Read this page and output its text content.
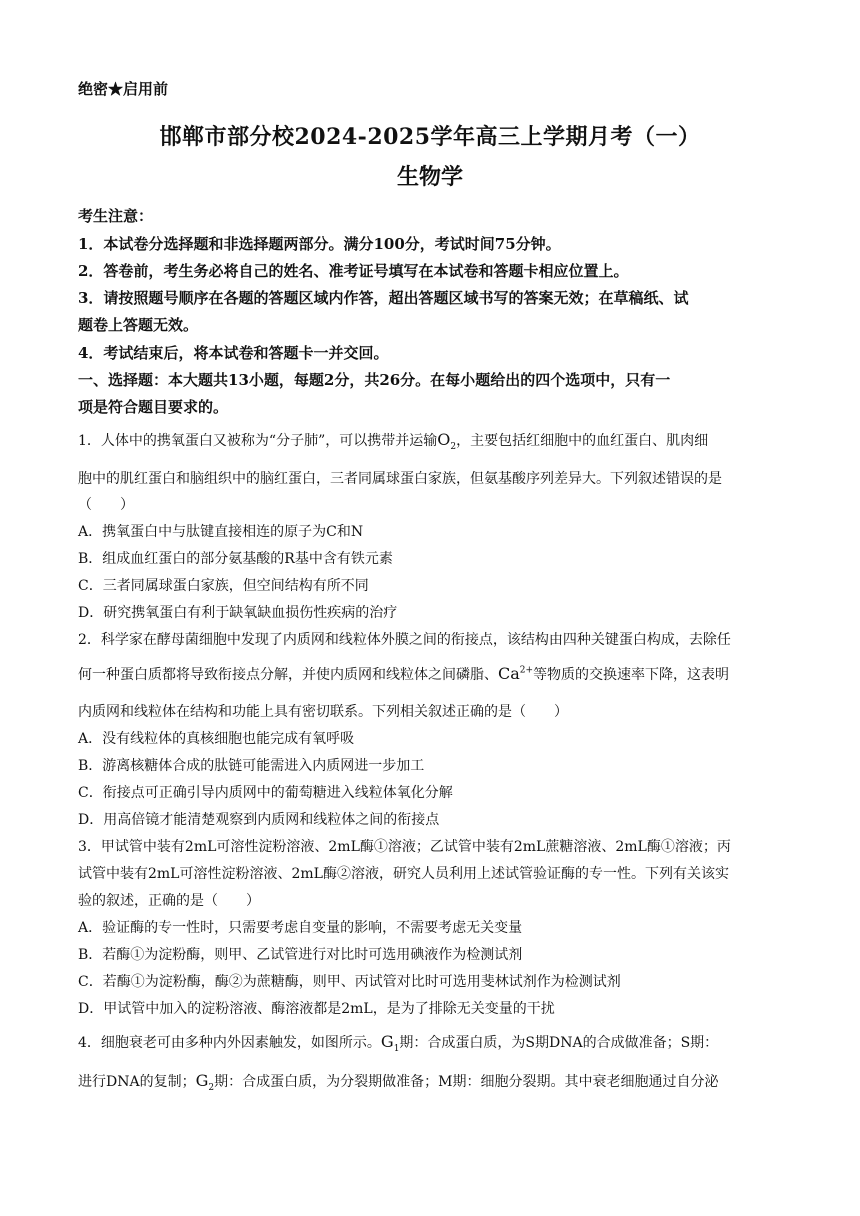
绝密★启用前
邯郸市部分校2024-2025学年高三上学期月考（一）
生物学
考生注意：
1．本试卷分选择题和非选择题两部分。满分100分，考试时间75分钟。
2．答卷前，考生务必将自己的姓名、准考证号填写在本试卷和答题卡相应位置上。
3．请按照题号顺序在各题的答题区域内作答，超出答题区域书写的答案无效；在草稿纸、试
题卷上答题无效。
4．考试结束后，将本试卷和答题卡一并交回。
一、选择题：本大题共13小题，每题2分，共26分。在每小题给出的四个选项中，只有一
项是符合题目要求的。
1．人体中的携氧蛋白又被称为“分子肺”，可以携带并运输$O_2$，主要包括红细胞中的血红蛋白、肌肉细
胞中的肌红蛋白和脑组织中的脑红蛋白，三者同属球蛋白家族，但氨基酸序列差异大。下列叙述错误的是
（　　）
A．携氧蛋白中与肽键直接相连的原子为C和N
B．组成血红蛋白的部分氨基酸的R基中含有铁元素
C．三者同属球蛋白家族，但空间结构有所不同
D．研究携氧蛋白有利于缺氧缺血损伤性疾病的治疗
2．科学家在酵母菌细胞中发现了内质网和线粒体外膜之间的衔接点，该结构由四种关键蛋白构成，去除任
何一种蛋白质都将导致衔接点分解，并使内质网和线粒体之间磷脂、$Ca^{2+}$等物质的交换速率下降，这表明
内质网和线粒体在结构和功能上具有密切联系。下列相关叙述正确的是（　　）
A．没有线粒体的真核细胞也能完成有氧呼吸
B．游离核糖体合成的肽链可能需进入内质网进一步加工
C．衔接点可正确引导内质网中的葡萄糖进入线粒体氧化分解
D．用高倍镜才能清楚观察到内质网和线粒体之间的衔接点
3．甲试管中装有2mL可溶性淀粉溶液、2mL酶①溶液；乙试管中装有2mL蔗糖溶液、2mL酶①溶液；丙
试管中装有2mL可溶性淀粉溶液、2mL酶②溶液，研究人员利用上述试管验证酶的专一性。下列有关该实
验的叙述，正确的是（　　）
A．验证酶的专一性时，只需要考虑自变量的影响，不需要考虑无关变量
B．若酶①为淀粉酶，则甲、乙试管进行对比时可选用碘液作为检测试剂
C．若酶①为淀粉酶，酶②为蔗糖酶，则甲、丙试管对比时可选用斐林试剂作为检测试剂
D．甲试管中加入的淀粉溶液、酶溶液都是2mL，是为了排除无关变量的干扰
4．细胞衰老可由多种内外因素触发，如图所示。$G_1$期：合成蛋白质，为S期DNA的合成做准备；S期：
进行DNA的复制；$G_2$期：合成蛋白质，为分裂期做准备；M期：细胞分裂期。其中衰老细胞通过自分泌
